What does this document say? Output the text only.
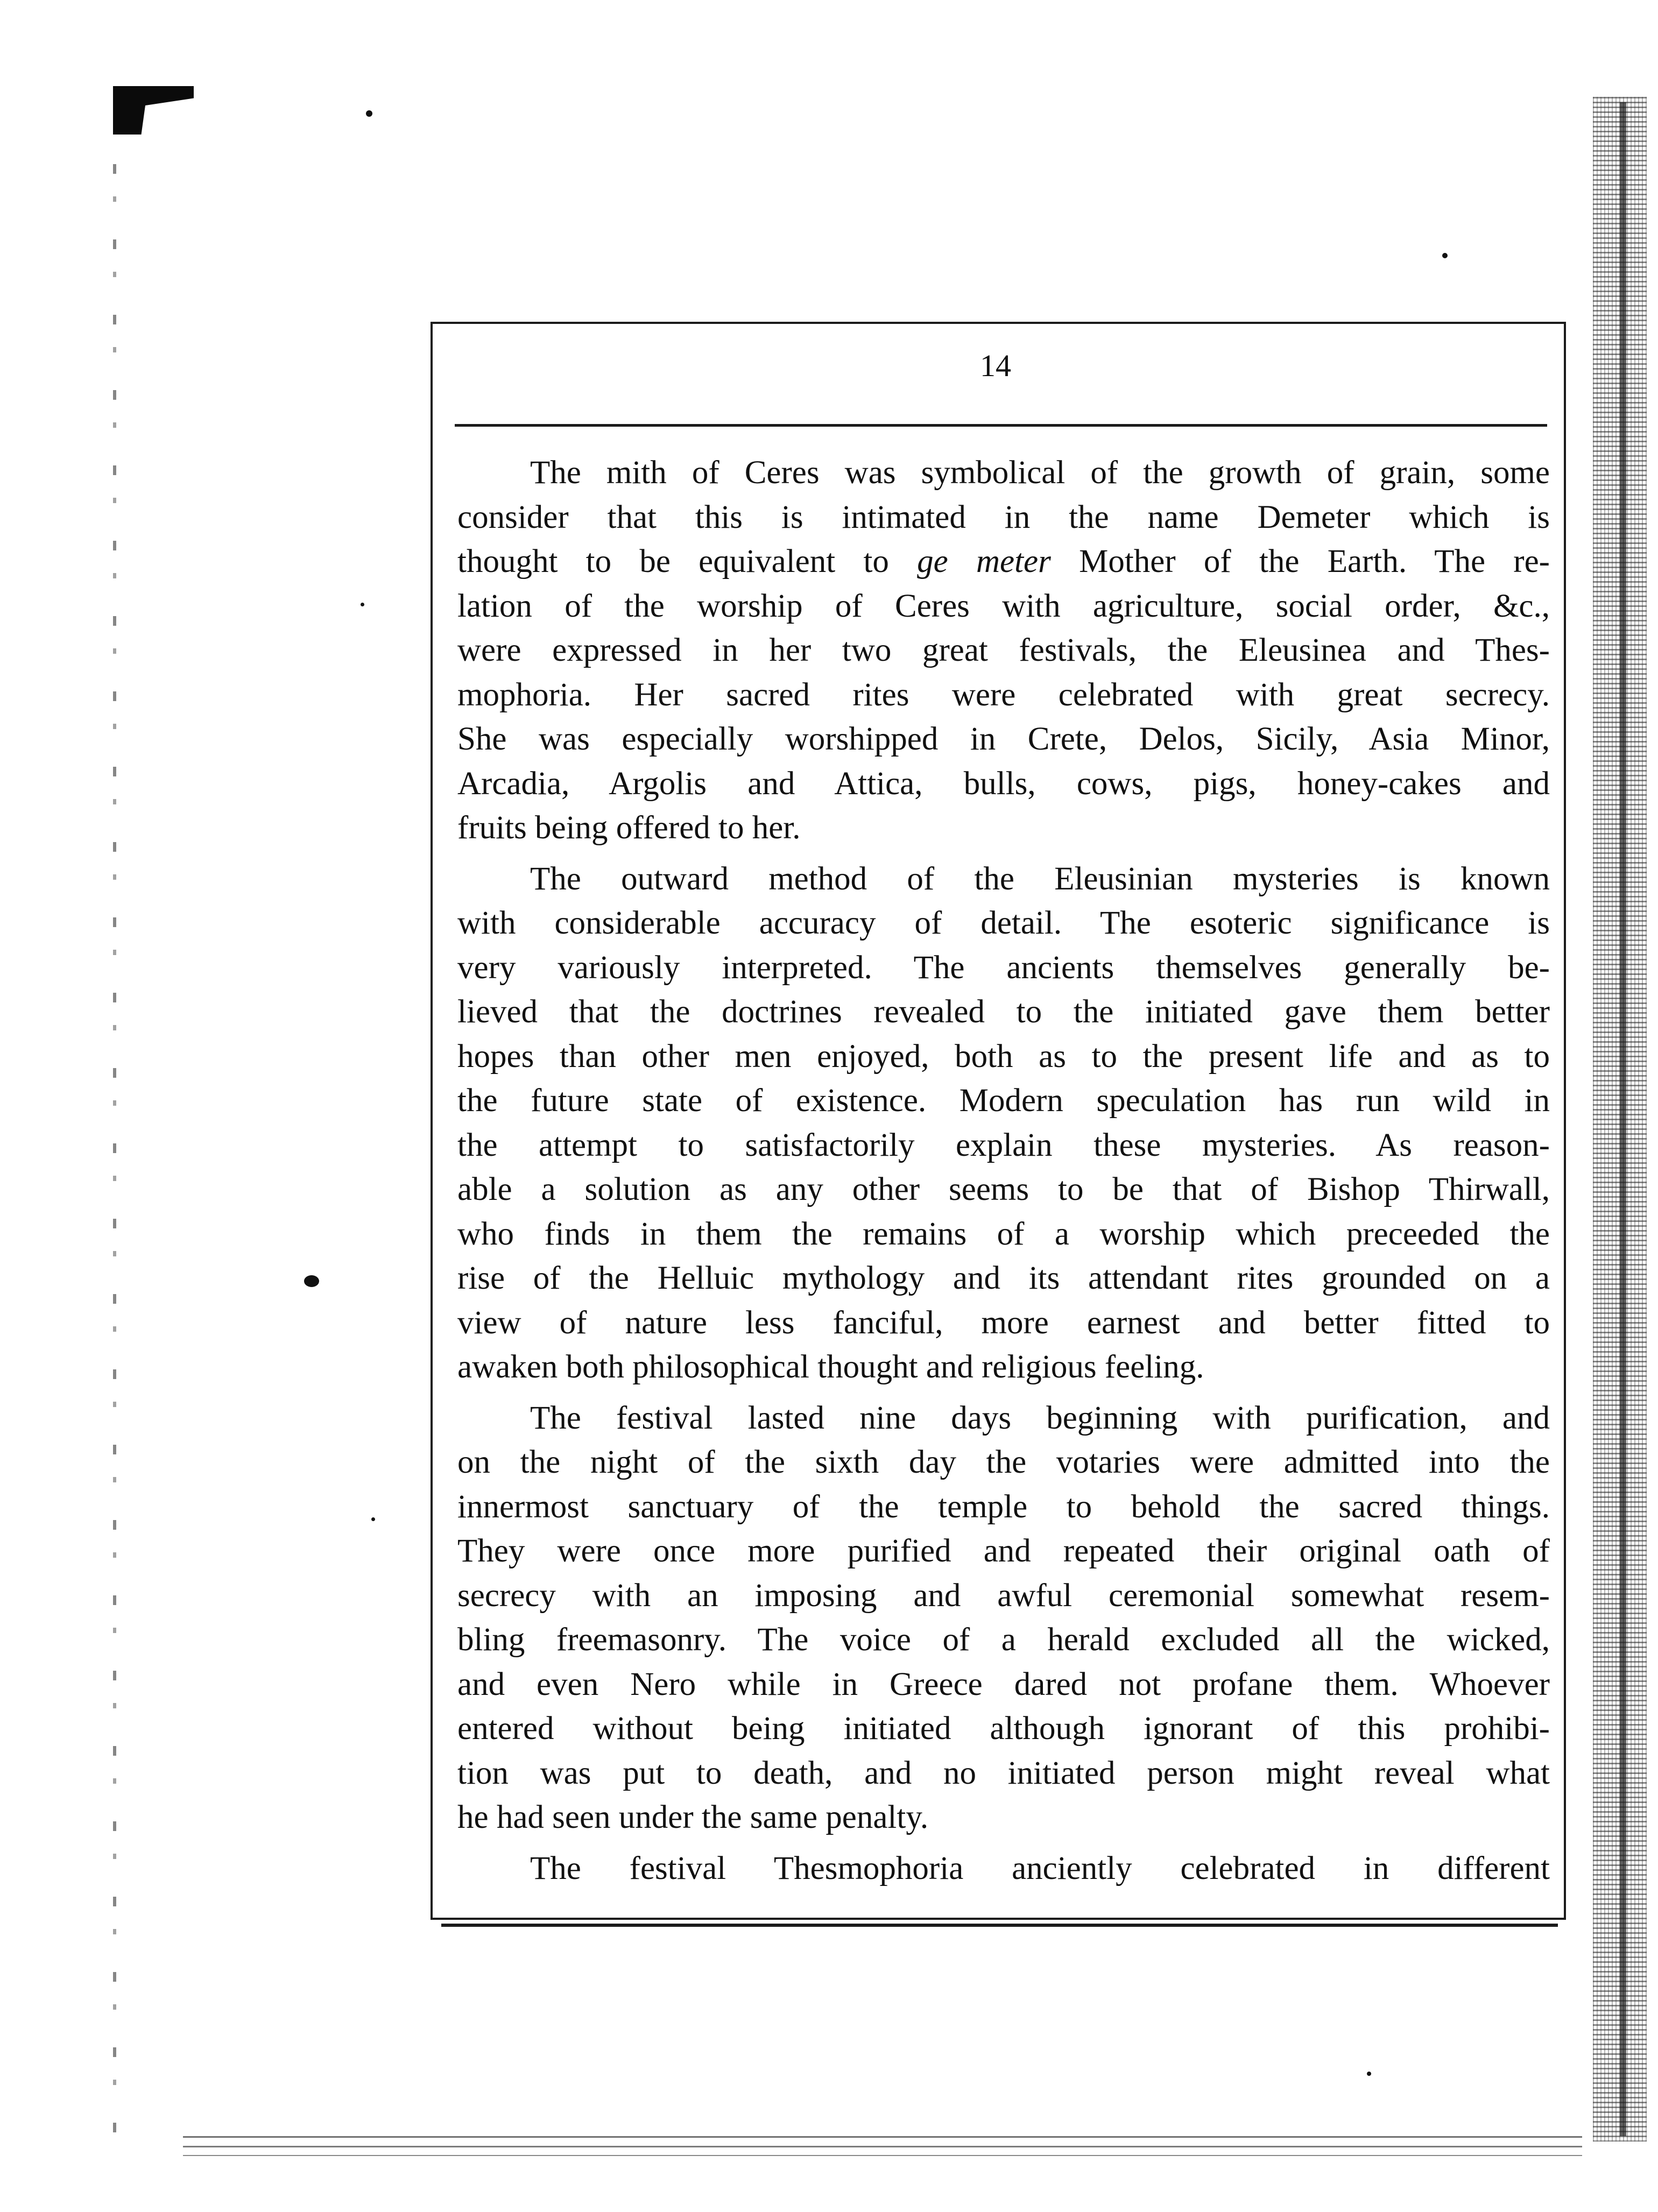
14

The mith of Ceres was symbolical of the growth of grain, some
consider that this is intimated in the name Demeter which is
thought to be equivalent to ge meter Mother of the Earth. The re-
lation of the worship of Ceres with agriculture, social order, &c.,
were expressed in her two great festivals, the Eleusinea and Thes-
mophoria. Her sacred rites were celebrated with great secrecy.
She was especially worshipped in Crete, Delos, Sicily, Asia Minor,
Arcadia, Argolis and Attica, bulls, cows, pigs, honey-cakes and
fruits being offered to her.

The outward method of the Eleusinian mysteries is known
with considerable accuracy of detail. The esoteric significance is
very variously interpreted. The ancients themselves generally be-
lieved that the doctrines revealed to the initiated gave them better
hopes than other men enjoyed, both as to the present life and as to
the future state of existence. Modern speculation has run wild in
the attempt to satisfactorily explain these mysteries. As reason-
able a solution as any other seems to be that of Bishop Thirwall,
who finds in them the remains of a worship which preceeded the
rise of the Helluic mythology and its attendant rites grounded on a
view of nature less fanciful, more earnest and better fitted to
awaken both philosophical thought and religious feeling.

The festival lasted nine days beginning with purification, and
on the night of the sixth day the votaries were admitted into the
innermost sanctuary of the temple to behold the sacred things.
They were once more purified and repeated their original oath of
secrecy with an imposing and awful ceremonial somewhat resem-
bling freemasonry. The voice of a herald excluded all the wicked,
and even Nero while in Greece dared not profane them. Whoever
entered without being initiated although ignorant of this prohibi-
tion was put to death, and no initiated person might reveal what
he had seen under the same penalty.

The festival Thesmophoria anciently celebrated in different
